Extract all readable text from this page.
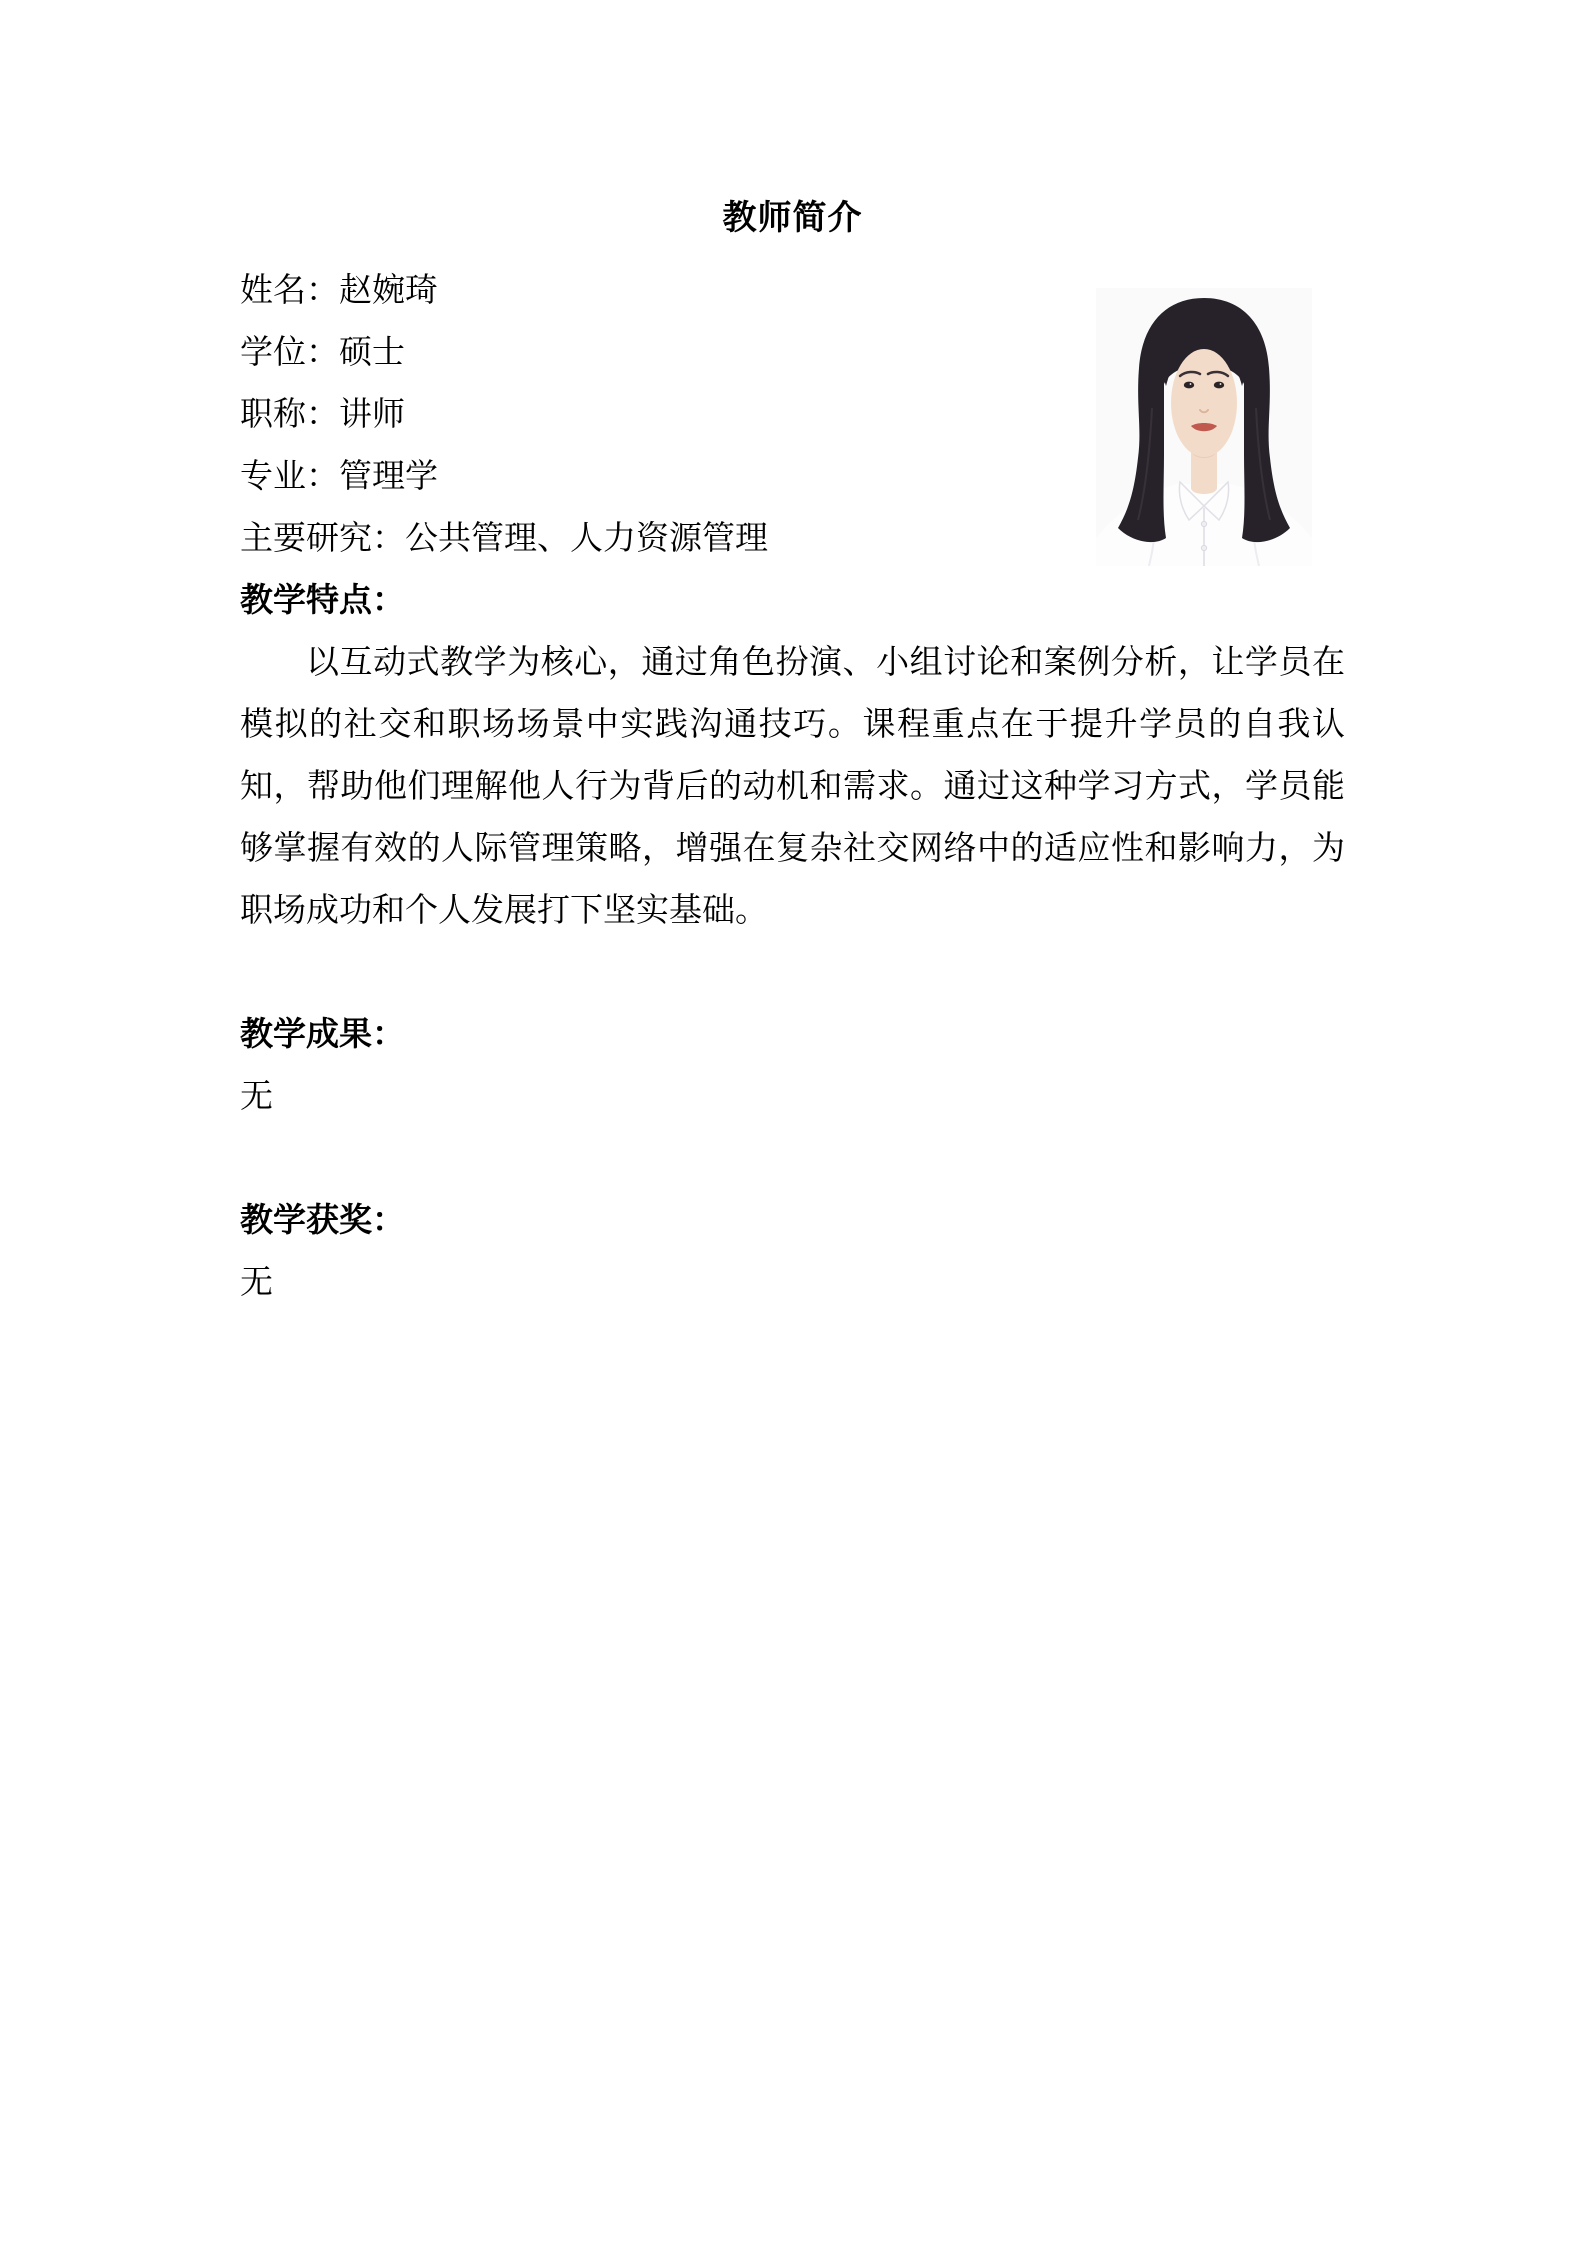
教师简介

姓名：赵婉琦

学位：硕士

职称：讲师

专业：管理学

主要研究：公共管理、人力资源管理

教学特点：

以互动式教学为核心，通过角色扮演、小组讨论和案例分析，让学员在模拟的社交和职场场景中实践沟通技巧。课程重点在于提升学员的自我认知，帮助他们理解他人行为背后的动机和需求。通过这种学习方式，学员能够掌握有效的人际管理策略，增强在复杂社交网络中的适应性和影响力，为职场成功和个人发展打下坚实基础。

教学成果：

无

教学获奖：

无
